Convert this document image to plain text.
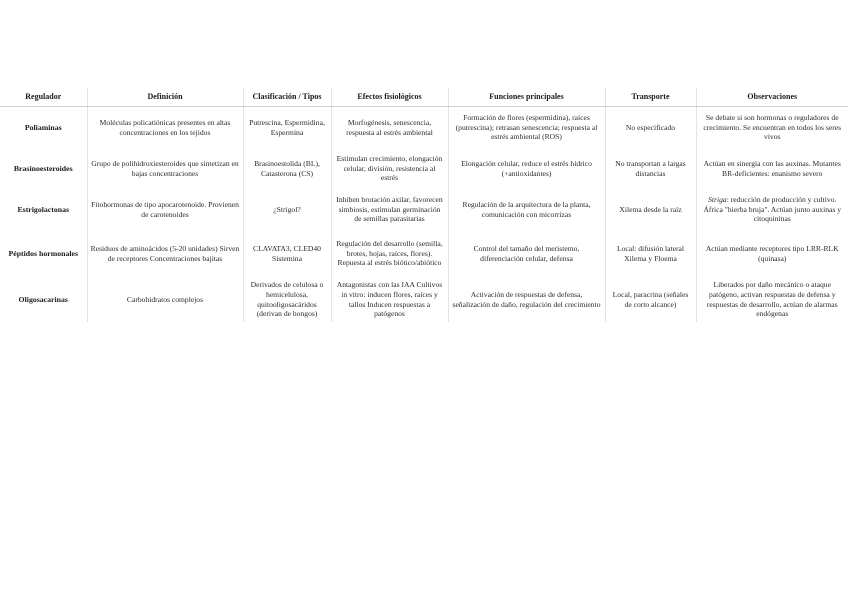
Regulador	Definición	Clasificación / Tipos	Efectos fisiológicos	Funciones principales	Transporte	Observaciones
Poliaminas	Moléculas policatiónicas presentes en altas concentraciones en los tejidos	Putrescina, Espermidina, Espermina	Morfogénesis, senescencia, respuesta al estrés ambiental	Formación de flores (espermidina), raíces (putrescina); retrasan senescencia; respuesta al estrés ambiental (ROS)	No especificado	Se debate si son hormonas o reguladores de crecimiento. Se encuentran en todos los seres vivos
Brasinoesteroides	Grupo de polihidroxiesteroides que sintetizan en bajas concentraciones	Brasinoestolida (BL), Catasterona (CS)	Estimulan crecimiento, elongación celular, división, resistencia al estrés	Elongación celular, reduce el estrés hídrico (+antioxidantes)	No transportan a largas distancias	Actúan en sinergia con las auxinas. Mutantes BR-deficientes: enanismo severo
Estrigolactonas	Fitohormonas de tipo apocarotenoide. Provienen de carotenoides	¿Strigol?	Inhiben brotación axilar, favorecen simbiosis, estimulan germinación de semillas parasitarias	Regulación de la arquitectura de la planta, comunicación con micorrizas	Xilema desde la raíz	Striga: reducción de producción y cultivo. África "hierba bruja". Actúan junto auxinas y citoquininas
Péptidos hormonales	Residuos de aminoácidos (5-20 unidades) Sirven de receptores Concentraciones bajitas	CLAVATA3, CLED40 Sistemina	Regulación del desarrollo (semilla, brotes, hojas, raíces, flores). Repuesta al estrés biótico/abiótico	Control del tamaño del meristemo, diferenciación celular, defensa	Local: difusión lateral Xilema y Floema	Actúan mediante receptores tipo LRR-RLK (quinasa)
Oligosacarinas	Carbohidratos complejos	Derivados de celulosa o hemicelulosa, quitooligosacáridos (derivan de hongos)	Antagonistas con las IAA Cultivos in vitro: inducen flores, raíces y tallos Inducen respuestas a patógenos	Activación de respuestas de defensa, señalización de daño, regulación del crecimiento	Local, paracrina (señales de corto alcance)	Liberados por daño mecánico o ataque patógeno, activan respuestas de defensa y respuestas de desarrollo, actúan de alarmas endógenas
